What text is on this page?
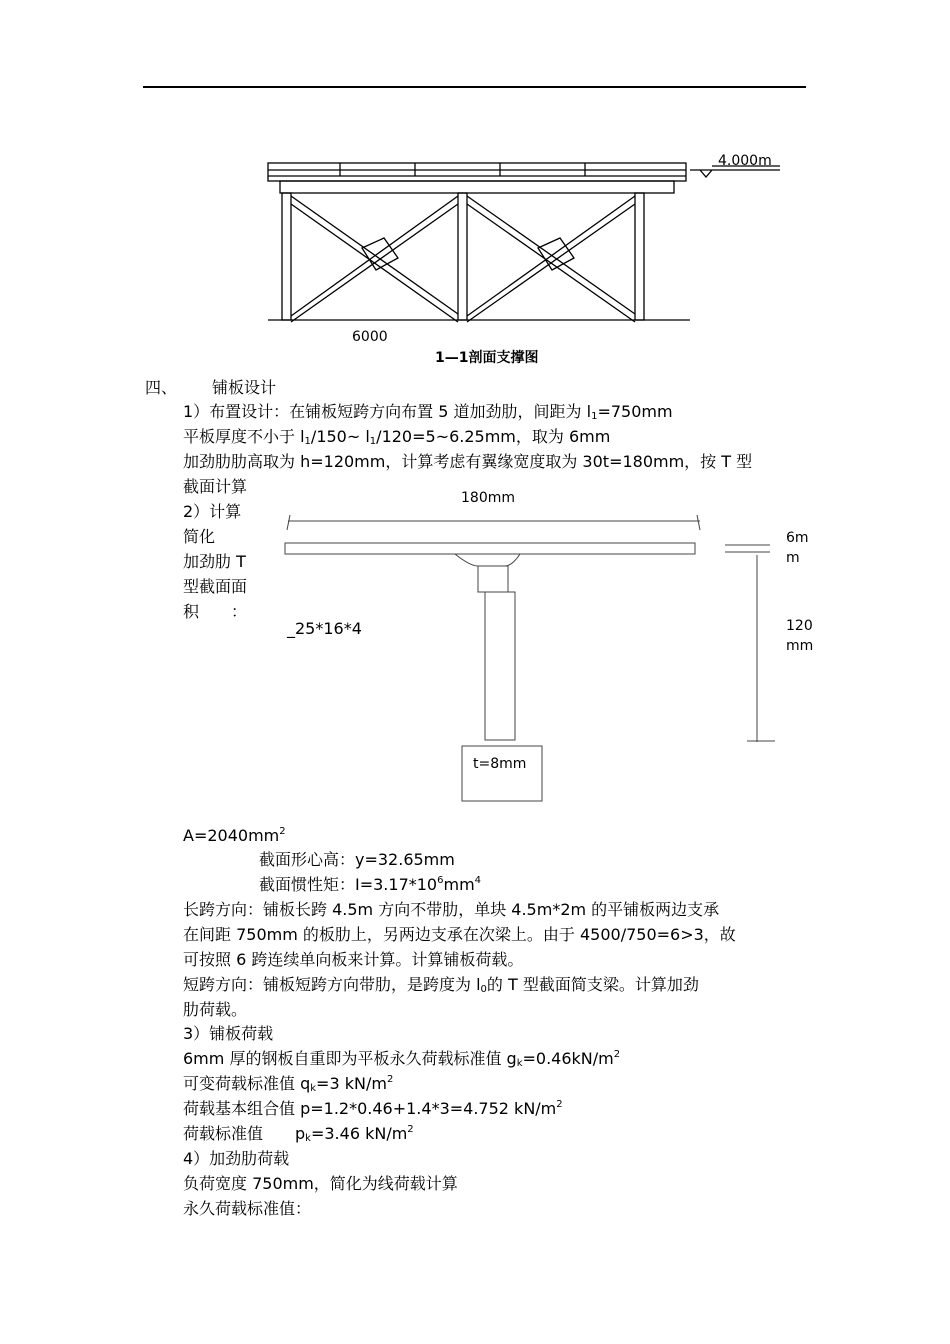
4.000m
6000
1—1剖面支撑图
四、 铺板设计
1）布置设计：在铺板短跨方向布置 5 道加劲肋，间距为 $l_1=750mm$
平板厚度不小于 $l_1/150\sim$ $l_1/120=5\sim 6.25mm$，取为 6mm
加劲肋肋高取为 h=120mm，计算考虑有翼缘宽度取为 30t=180mm，按 T 型
截面计算
2）计算
简化
加劲肋 T
型截面面
积　　：
180mm
6m
m
120
mm
t=8mm
_25*16*4
$A=2040mm^2$
截面形心高：y=32.65mm
截面惯性矩：$I=3.17*10^6mm^4$
长跨方向：铺板长跨 4.5m 方向不带肋，单块 4.5m*2m 的平铺板两边支承
在间距 750mm 的板肋上，另两边支承在次梁上。由于 4500/750=6>3，故
可按照 6 跨连续单向板来计算。计算铺板荷载。
短跨方向：铺板短跨方向带肋，是跨度为 $l_0$的 T 型截面简支梁。计算加劲
肋荷载。
3）铺板荷载
6mm 厚的钢板自重即为平板永久荷载标准值 $g_k=0.46kN/m^2$
可变荷载标准值 $q_k=3$ $kN/m^2$
荷载基本组合值 p=1.2*0.46+1.4*3=4.752 $kN/m^2$
荷载标准值　　$p_k=3.46$ $kN/m^2$
4）加劲肋荷载
负荷宽度 750mm，简化为线荷载计算
永久荷载标准值：
